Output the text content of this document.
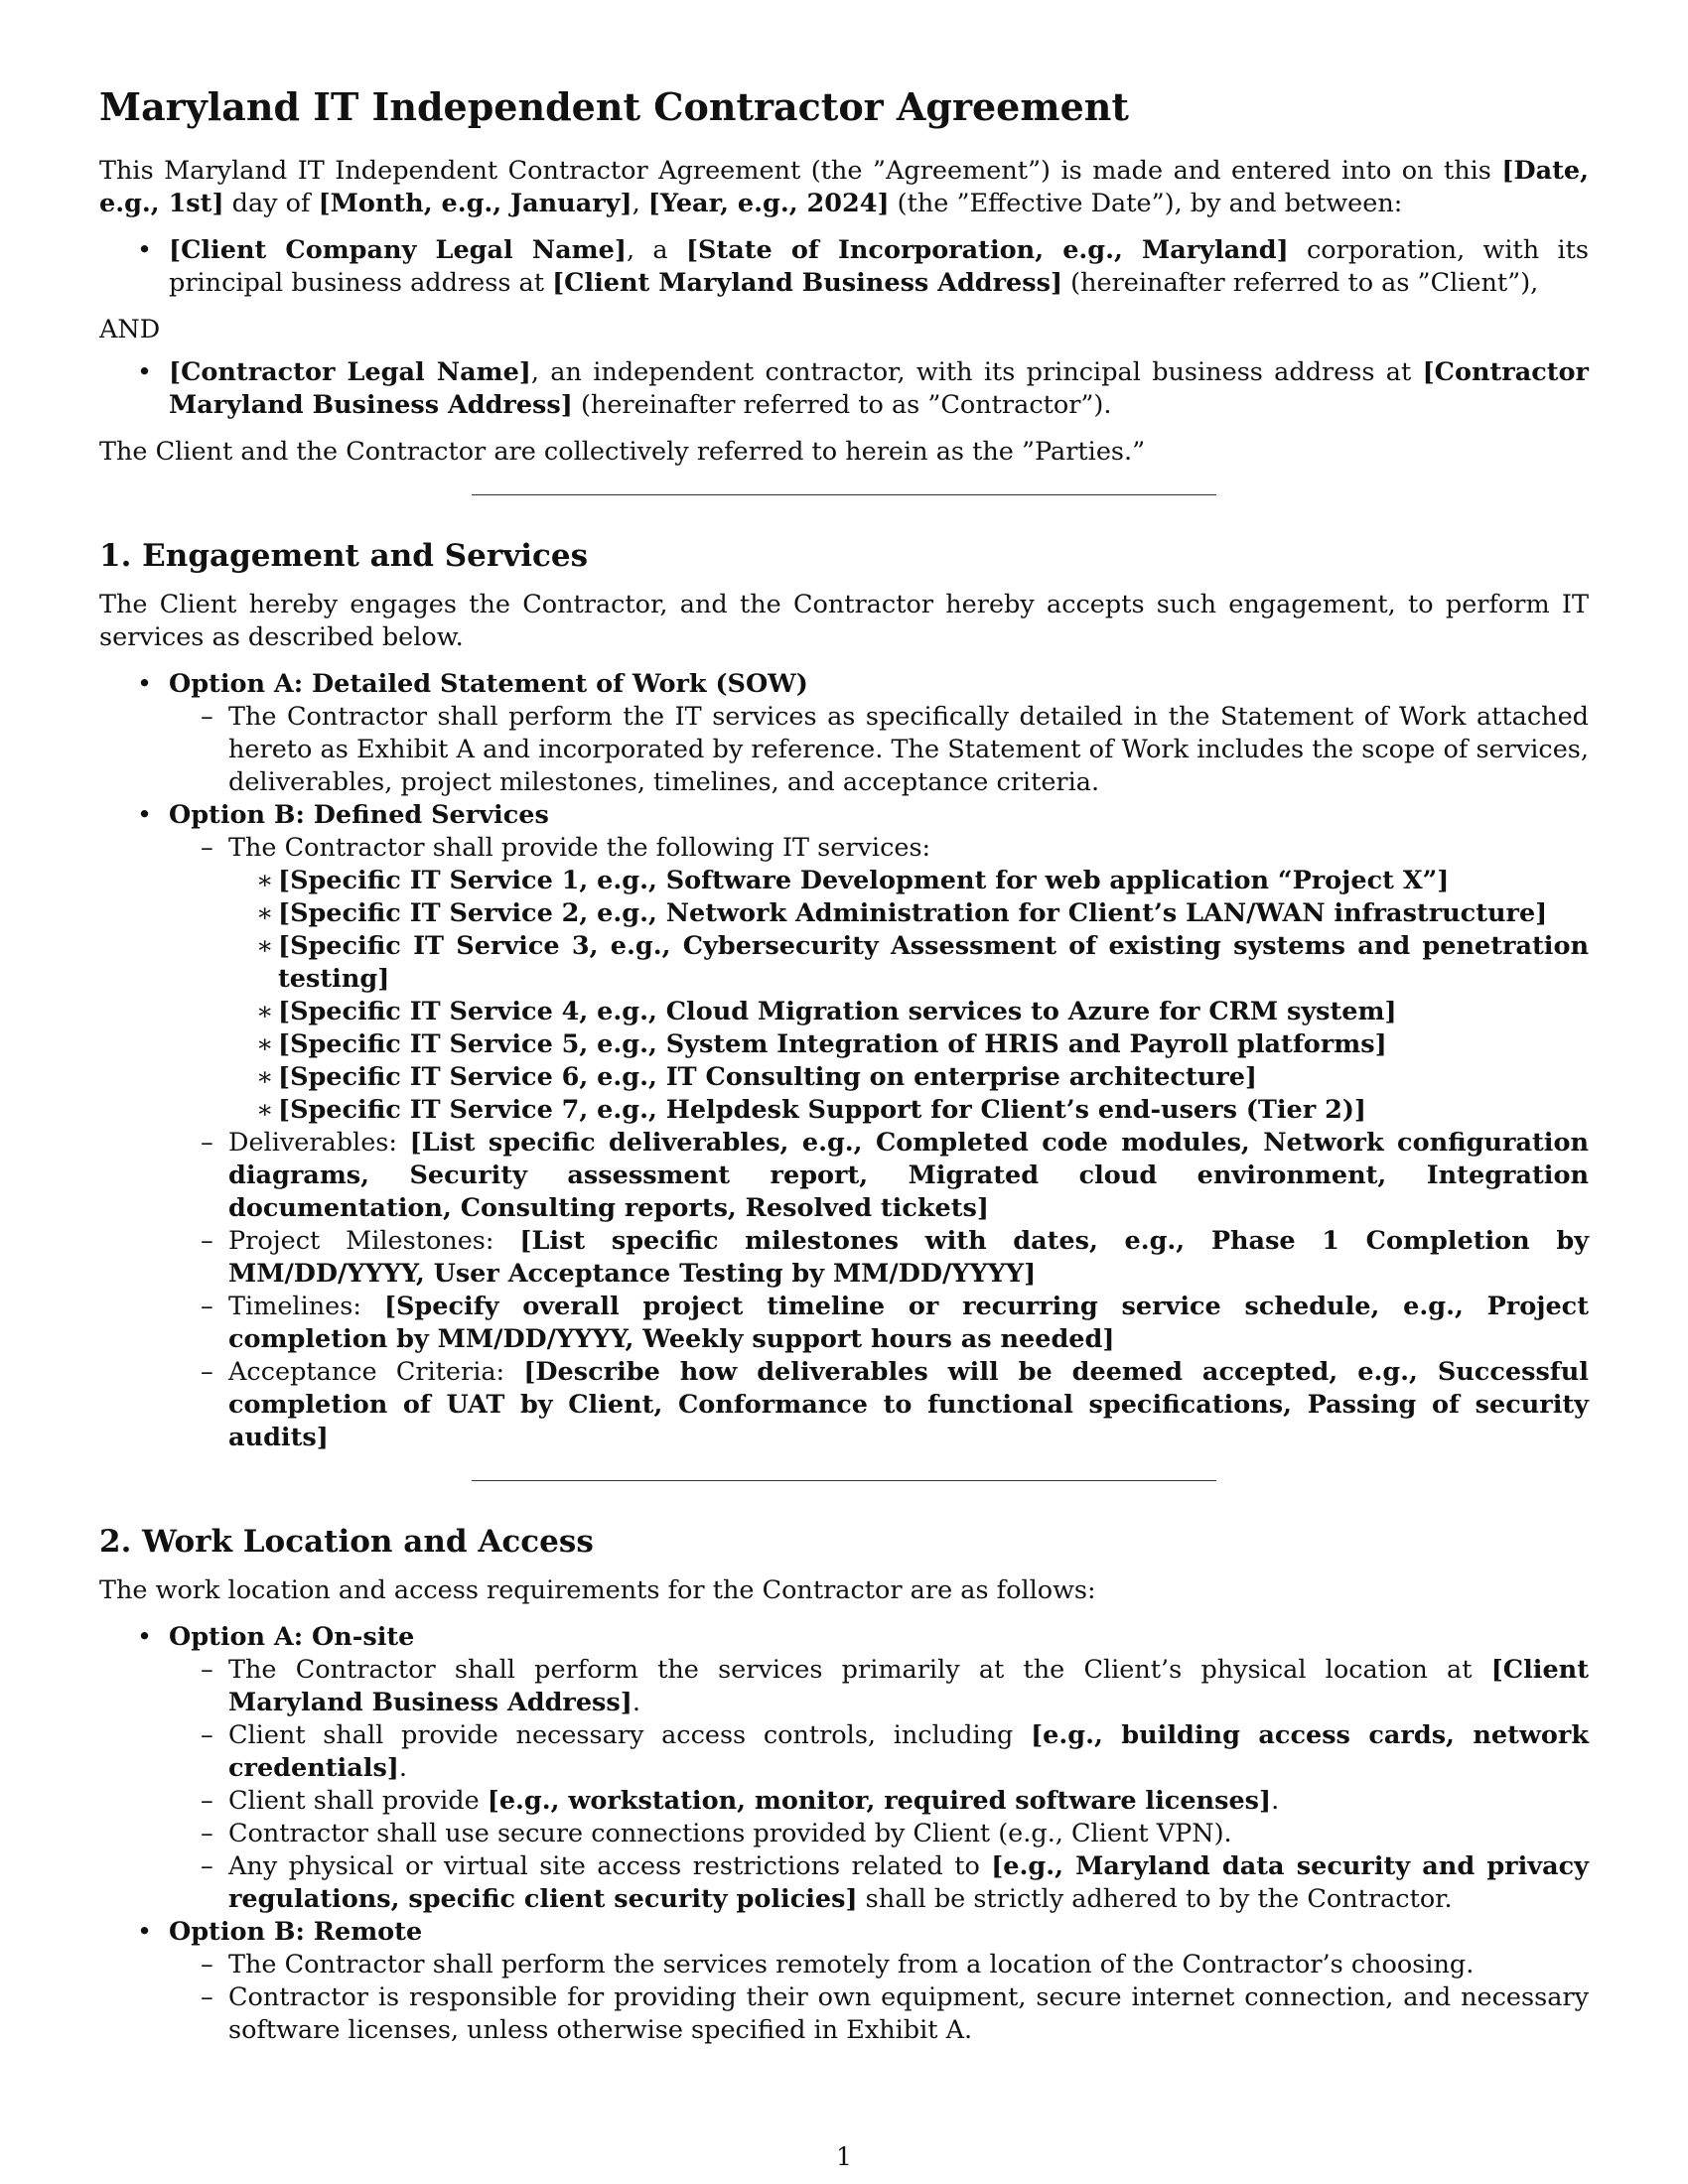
Maryland IT Independent Contractor Agreement

This Maryland IT Independent Contractor Agreement (the ”Agreement”) is made and entered into on this [Date, e.g., 1st] day of [Month, e.g., January], [Year, e.g., 2024] (the ”Effective Date”), by and between:

• [Client Company Legal Name], a [State of Incorporation, e.g., Maryland] corporation, with its principal business address at [Client Maryland Business Address] (hereinafter referred to as ”Client”),
AND
• [Contractor Legal Name], an independent contractor, with its principal business address at [Contractor Maryland Business Address] (hereinafter referred to as ”Contractor”).

The Client and the Contractor are collectively referred to herein as the ”Parties.”

1. Engagement and Services

The Client hereby engages the Contractor, and the Contractor hereby accepts such engagement, to perform IT services as described below.

• Option A: Detailed Statement of Work (SOW)
– The Contractor shall perform the IT services as specifically detailed in the Statement of Work attached hereto as Exhibit A and incorporated by reference. The Statement of Work includes the scope of services, deliverables, project milestones, timelines, and acceptance criteria.
• Option B: Defined Services
– The Contractor shall provide the following IT services:
∗ [Specific IT Service 1, e.g., Software Development for web application “Project X”]
∗ [Specific IT Service 2, e.g., Network Administration for Client’s LAN/WAN infrastructure]
∗ [Specific IT Service 3, e.g., Cybersecurity Assessment of existing systems and penetration testing]
∗ [Specific IT Service 4, e.g., Cloud Migration services to Azure for CRM system]
∗ [Specific IT Service 5, e.g., System Integration of HRIS and Payroll platforms]
∗ [Specific IT Service 6, e.g., IT Consulting on enterprise architecture]
∗ [Specific IT Service 7, e.g., Helpdesk Support for Client’s end-users (Tier 2)]
– Deliverables: [List specific deliverables, e.g., Completed code modules, Network configuration diagrams, Security assessment report, Migrated cloud environment, Integration documentation, Consulting reports, Resolved tickets]
– Project Milestones: [List specific milestones with dates, e.g., Phase 1 Completion by MM/DD/YYYY, User Acceptance Testing by MM/DD/YYYY]
– Timelines: [Specify overall project timeline or recurring service schedule, e.g., Project completion by MM/DD/YYYY, Weekly support hours as needed]
– Acceptance Criteria: [Describe how deliverables will be deemed accepted, e.g., Successful completion of UAT by Client, Conformance to functional specifications, Passing of security audits]
2. Work Location and Access

The work location and access requirements for the Contractor are as follows:

• Option A: On-site
– The Contractor shall perform the services primarily at the Client’s physical location at [Client Maryland Business Address].
– Client shall provide necessary access controls, including [e.g., building access cards, network credentials].
– Client shall provide [e.g., workstation, monitor, required software licenses].
– Contractor shall use secure connections provided by Client (e.g., Client VPN).
– Any physical or virtual site access restrictions related to [e.g., Maryland data security and privacy regulations, specific client security policies] shall be strictly adhered to by the Contractor.
• Option B: Remote
– The Contractor shall perform the services remotely from a location of the Contractor’s choosing.
– Contractor is responsible for providing their own equipment, secure internet connection, and necessary software licenses, unless otherwise specified in Exhibit A.
1
